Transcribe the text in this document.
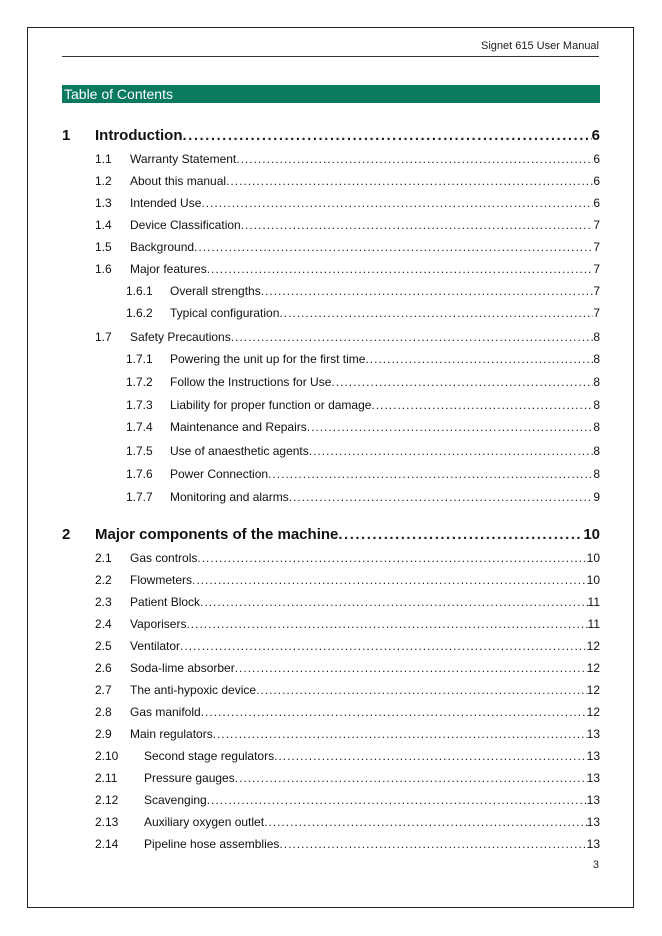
Signet 615 User Manual
Table of Contents
1	Introduction .....	6
1.1	Warranty Statement .....	6
1.2	About this manual .....	6
1.3	Intended Use .....	6
1.4	Device Classification .....	7
1.5	Background .....	7
1.6	Major features .....	7
1.6.1	Overall strengths .....	7
1.6.2	Typical configuration .....	7
1.7	Safety Precautions .....	8
1.7.1	Powering the unit up for the first time .....	8
1.7.2	Follow the Instructions for Use .....	8
1.7.3	Liability for proper function or damage .....	8
1.7.4	Maintenance and Repairs .....	8
1.7.5	Use of anaesthetic agents .....	8
1.7.6	Power Connection .....	8
1.7.7	Monitoring and alarms .....	9
2	Major components of the machine .....	10
2.1	Gas controls .....	10
2.2	Flowmeters .....	10
2.3	Patient Block .....	11
2.4	Vaporisers .....	11
2.5	Ventilator .....	12
2.6	Soda-lime absorber .....	12
2.7	The anti-hypoxic device .....	12
2.8	Gas manifold .....	12
2.9	Main regulators .....	13
2.10	Second stage regulators .....	13
2.11	Pressure gauges .....	13
2.12	Scavenging .....	13
2.13	Auxiliary oxygen outlet .....	13
2.14	Pipeline hose assemblies .....	13
3
